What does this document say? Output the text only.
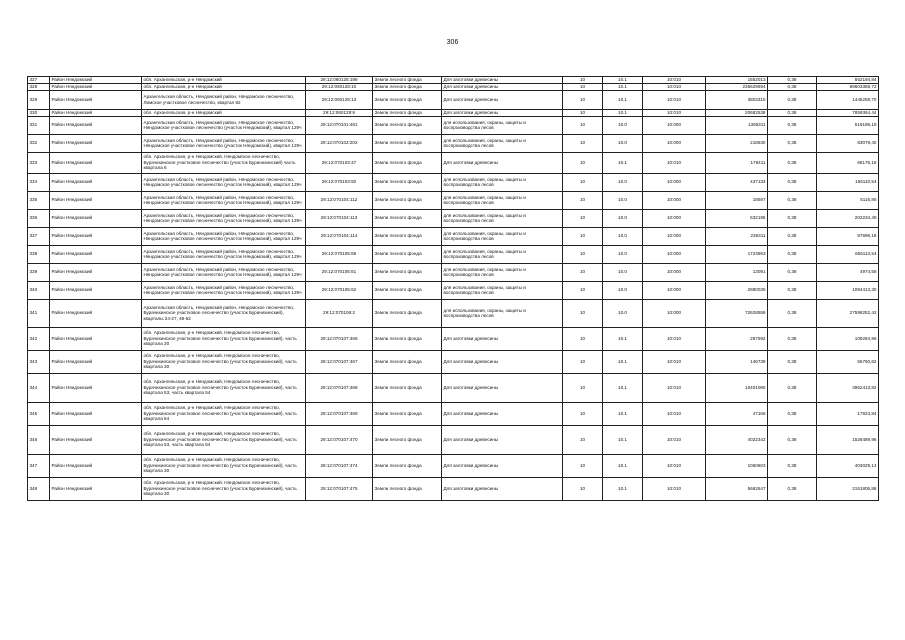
306
327	Район Няндомский	обл. Архангельская, р-н Няндомский	29:12:060125:198	Земли лесного фонда	Для заготовки древесины	10	10.1	10:010	1552013	0,38	552194,84
328	Район Няндомский	обл. Архангельская, р-н Няндомский	29:12:060128:10	Земли лесного фонда	Для заготовки древесины	10	10.1	10:010	235629694	0,38	89603359,72
329	Район Няндомский	Архангельская область, Няндомский район, Няндомское лесничество, Лимское участковое лесничество, квартал 82	29:12:060129:13	Земли лесного фонда	Для заготовки древесины	10	10.1	10:010	3803315	0,38	1445259,70
330	Район Няндомский	обл. Архангельская, р-н Няндомский	29:12:060129:9	Земли лесного фонда	Для заготовки древесины	10	10.1	10:010	20682538	0,38	7859364,44
331	Район Няндомский	Архангельская область, Няндомский район, Няндомское лесничество, Няндомское участковое лесничество (участок Няндомский), квартал 129ч	29:12:070101:481	Земли лесного фонда	для использования, охраны, защиты и воспроизводства лесов	10	10.0	10:000	1366311	0,38	519198,18
332	Район Няндомский	Архангельская область, Няндомский район, Няндомское лесничество, Няндомское участковое лесничество (участок Няндомский), квартал 129ч	29:12:070102:202	Земли лесного фонда	для использования, охраны, защиты и воспроизводства лесов	10	10.0	10:000	218630	0,38	83079,40
333	Район Няндомский	обл. Архангельская, р-н Няндомский, Няндомское лесничество, Бурачихинское участковое лесничество (участок Бурачихинский) часть квартала 6	29:12:070103:47	Земли лесного фонда	Для заготовки древесины	10	10.1	10:010	179411	0,38	68176,18
334	Район Няндомский	Архангельская область, Няндомский район, Няндомское лесничество, Няндомское участковое лесничество (участок Няндомский), квартал 129ч	29:12:070103:50	Земли лесного фонда	для использования, охраны, защиты и воспроизводства лесов	10	10.0	10:000	437133	0,38	166110,54
335	Район Няндомский	Архангельская область, Няндомский район, Няндомское лесничество, Няндомское участковое лесничество (участок Няндомский), квартал 129ч	29:12:070104:112	Земли лесного фонда	для использования, охраны, защиты и воспроизводства лесов	10	10.0	10:000	18597	0,38	5116,86
336	Район Няндомский	Архангельская область, Няндомский район, Няндомское лесничество, Няндомское участковое лесничество (участок Няндомский), квартал 129ч	29:12:070104:113	Земли лесного фонда	для использования, охраны, защиты и воспроизводства лесов	10	10.0	10:000	532196	0,38	202234,48
337	Район Няндомский	Архангельская область, Няндомский район, Няндомское лесничество, Няндомское участковое лесничество (участок Няндомский), квартал 129ч	29:12:070104:114	Земли лесного фонда	для использования, охраны, защиты и воспроизводства лесов	10	10.0	10:000	236311	0,38	87698,18
338	Район Няндомский	Архангельская область, Няндомский район, Няндомское лесничество, Няндомское участковое лесничество (участок Няндомский), квартал 129ч	29:12:070105:66	Земли лесного фонда	для использования, охраны, защиты и воспроизводства лесов	10	10.0	10:000	1723953	0,38	655113,54
339	Район Няндомский	Архангельская область, Няндомский район, Няндомское лесничество, Няндомское участковое лесничество (участок Няндомский), квартал 129ч	29:12:070105:61	Земли лесного фонда	для использования, охраны, защиты и воспроизводства лесов	10	10.0	10:000	13091	0,38	4974,58
340	Район Няндомский	Архангельская область, Няндомский район, Няндомское лесничество, Няндомское участковое лесничество (участок Няндомский), квартал 129ч	29:12:070105:62	Земли лесного фонда	для использования, охраны, защиты и воспроизводства лесов	10	10.0	10:000	2880035	0,38	1094413,30
341	Район Няндомский	Архангельская область, Няндомский район, Няндомское лесничество, Бурачихинское участковое лесничество (участок Бурачихинский), кварталы 24-27, 49-52	29:12:070106:2	Земли лесного фонда	для использования, охраны, защиты и воспроизводства лесов	10	10.0	10:000	72628559	0,38	27598252,42
342	Район Няндомский	обл. Архангельская, р-н Няндомский, Няндомское лесничество, Бурачихинское участковое лесничество (участок Бурачихинский), часть квартала 30	29:12:070107:466	Земли лесного фонда	Для заготовки древесины	10	10.1	10:010	287592	0,38	109284,96
343	Район Няндомский	обл. Архангельская, р-н Няндомский, Няндомское лесничество, Бурачихинское участковое лесничество (участок Бурачихинский), часть квартала 30	29:12:070107:467	Земли лесного фонда	Для заготовки древесины	10	10.1	10:010	146739	0,38	55760,82
344	Район Няндомский	обл. Архангельская, р-н Няндомский, Няндомское лесничество, Бурачихинское участковое лесничество (участок Бурачихинский), часть квартала 53, часть квартала 54	29:12:070107:468	Земли лесного фонда	Для заготовки древесины	10	10.1	10:010	10401080	0,38	3952413,82
345	Район Няндомский	обл. Архангельская, р-н Няндомский, Няндомское лесничество, Бурачихинское участковое лесничество (участок Бурачихинский), часть квартала 54	29:12:070107:469	Земли лесного фонда	Для заготовки древесины	10	10.1	10:010	47166	0,38	17923,84
346	Район Няндомский	обл. Архангельская, р-н Няндомский, Няндомское лесничество, Бурачихинское участковое лесничество (участок Бурачихинский), часть квартала 53, часть квартала 54	29:12:070107:470	Земли лесного фонда	Для заготовки древесины	10	10.1	10:010	4022342	0,38	1528489,96
347	Район Няндомский	обл. Архангельская, р-н Няндомский, Няндомское лесничество, Бурачихинское участковое лесничество (участок Бурачихинский), часть квартала 30	29:12:070107:474	Земли лесного фонда	Для заготовки древесины	10	10.1	10:010	1060603	0,38	403029,14
348	Район Няндомский	обл. Архангельская, р-н Няндомский, Няндомское лесничество, Бурачихинское участковое лесничество (участок Бурачихинский), часть квартала 30	29:12:070107:475	Земли лесного фонда	Для заготовки древесины	10	10.1	10:010	5662647	0,38	2151805,86
